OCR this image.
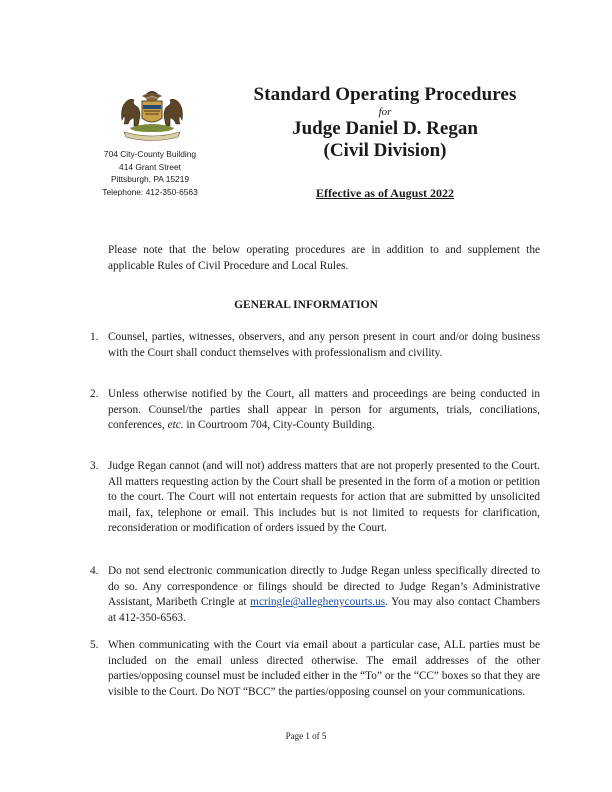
704 City-County Building
414 Grant Street
Pittsburgh, PA 15219
Telephone: 412-350-6563
Standard Operating Procedures
for
Judge Daniel D. Regan
(Civil Division)
Effective as of August 2022
Please note that the below operating procedures are in addition to and supplement the applicable Rules of Civil Procedure and Local Rules.
GENERAL INFORMATION
1. Counsel, parties, witnesses, observers, and any person present in court and/or doing business with the Court shall conduct themselves with professionalism and civility.
2. Unless otherwise notified by the Court, all matters and proceedings are being conducted in person. Counsel/the parties shall appear in person for arguments, trials, conciliations, conferences, etc. in Courtroom 704, City-County Building.
3. Judge Regan cannot (and will not) address matters that are not properly presented to the Court. All matters requesting action by the Court shall be presented in the form of a motion or petition to the court. The Court will not entertain requests for action that are submitted by unsolicited mail, fax, telephone or email. This includes but is not limited to requests for clarification, reconsideration or modification of orders issued by the Court.
4. Do not send electronic communication directly to Judge Regan unless specifically directed to do so. Any correspondence or filings should be directed to Judge Regan’s Administrative Assistant, Maribeth Cringle at mcringle@alleghenycourts.us. You may also contact Chambers at 412-350-6563.
5. When communicating with the Court via email about a particular case, ALL parties must be included on the email unless directed otherwise. The email addresses of the other parties/opposing counsel must be included either in the “To” or the “CC” boxes so that they are visible to the Court. Do NOT “BCC” the parties/opposing counsel on your communications.
Page 1 of 5
